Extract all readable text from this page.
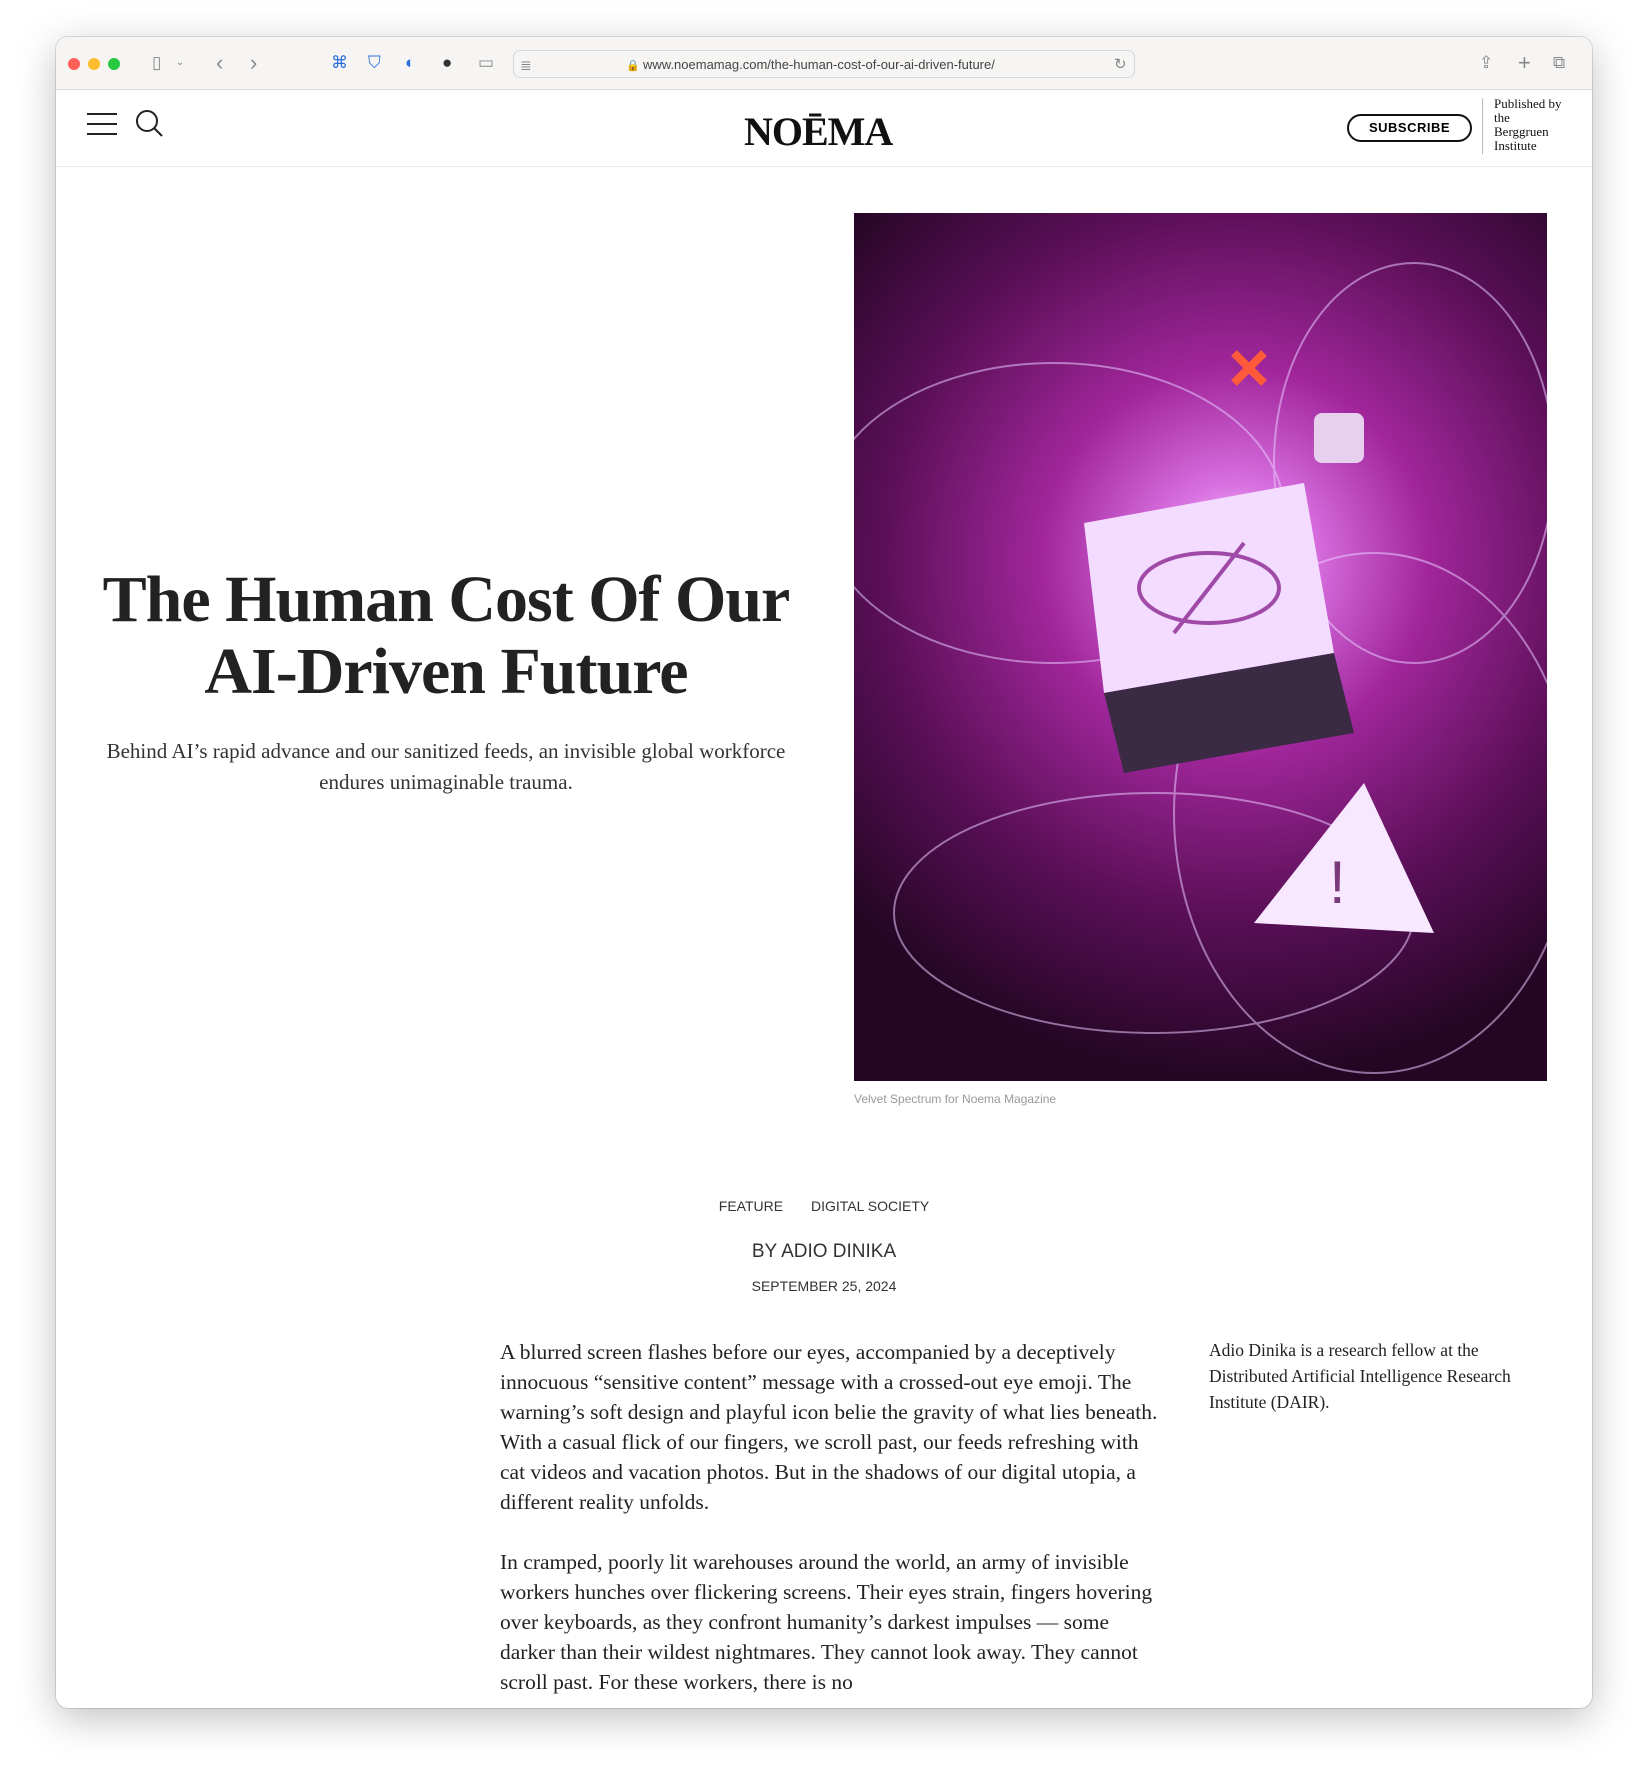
▯ ⌄ ‹ ›	⌘ ⛉ ◐ ● ▭ ≣	🔒 www.noemamag.com/the-human-cost-of-our-ai-driven-future/	↻	⇪ + ⧉
NOĒMA	SUBSCRIBE
Published by the Berggruen Institute
The Human Cost Of Our AI-Driven Future

Behind AI’s rapid advance and our sanitized feeds, an invisible global workforce endures unimaginable trauma.

!
Velvet Spectrum for Noema Magazine
FEATURE DIGITAL SOCIETY
BY ADIO DINIKA
SEPTEMBER 25, 2024

A blurred screen flashes before our eyes, accompanied by a deceptively innocuous “sensitive content” message with a crossed-out eye emoji. The warning’s soft design and playful icon belie the gravity of what lies beneath. With a casual flick of our fingers, we scroll past, our feeds refreshing with cat videos and vacation photos. But in the shadows of our digital utopia, a different reality unfolds.

In cramped, poorly lit warehouses around the world, an army of invisible workers hunches over flickering screens. Their eyes strain, fingers hovering over keyboards, as they confront humanity’s darkest impulses — some darker than their wildest nightmares. They cannot look away. They cannot scroll past. For these workers, there is no

Adio Dinika is a research fellow at the Distributed Artificial Intelligence Research Institute (DAIR).
